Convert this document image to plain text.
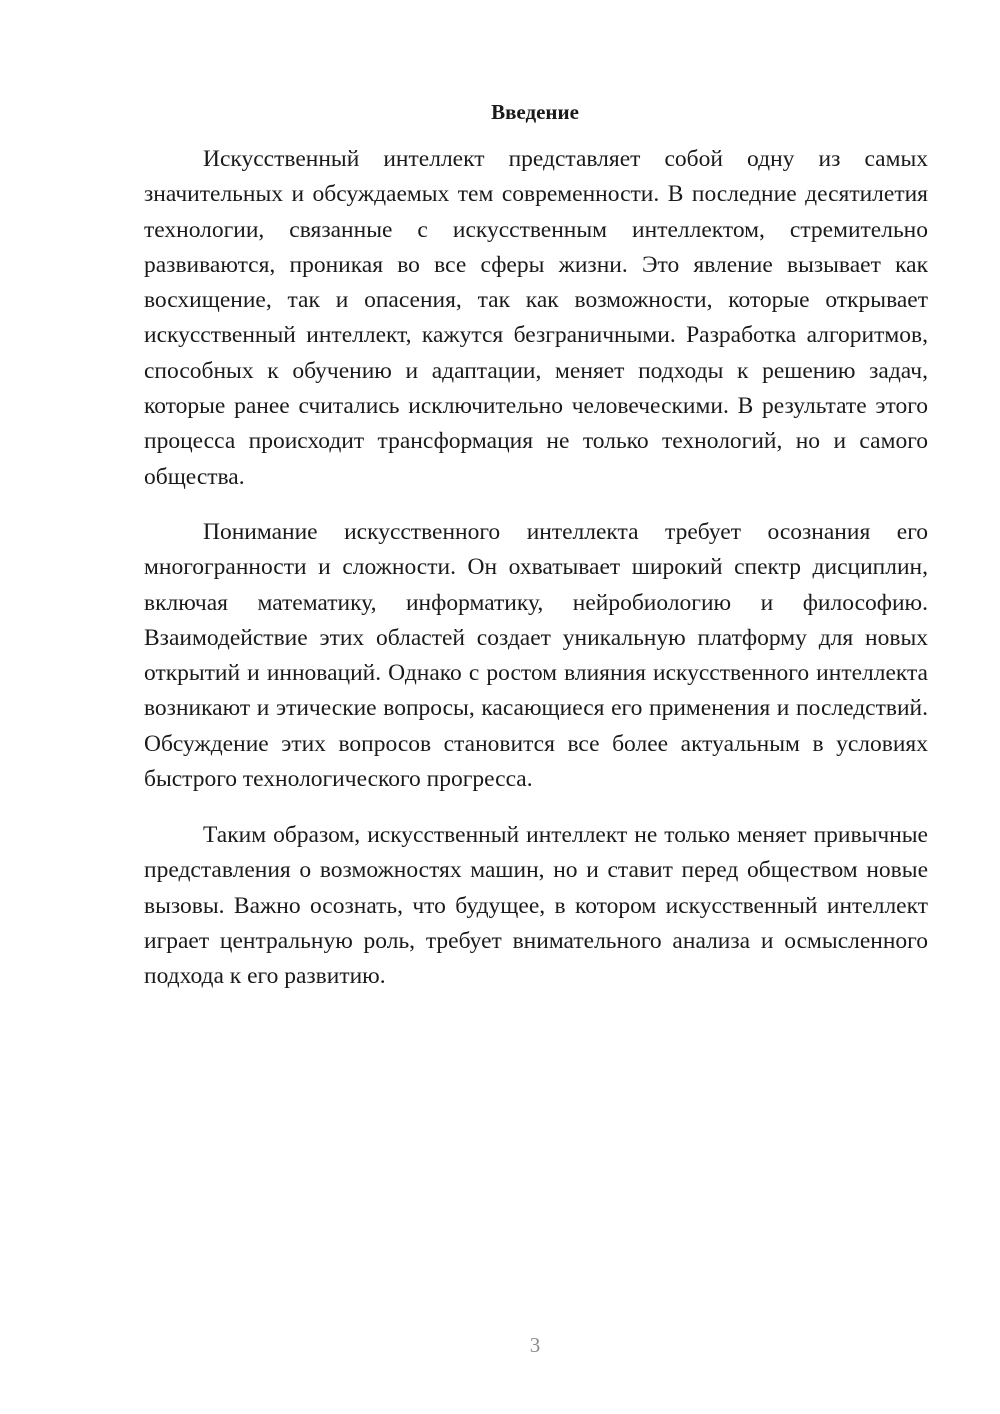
Введение

Искусственный интеллект представляет собой одну из самых значительных и обсуждаемых тем современности. В последние десятилетия технологии, связанные с искусственным интеллектом, стремительно развиваются, проникая во все сферы жизни. Это явление вызывает как восхищение, так и опасения, так как возможности, которые открывает искусственный интеллект, кажутся безграничными. Разработка алгоритмов, способных к обучению и адаптации, меняет подходы к решению задач, которые ранее считались исключительно человеческими. В результате этого процесса происходит трансформация не только технологий, но и самого общества.

Понимание искусственного интеллекта требует осознания его многогранности и сложности. Он охватывает широкий спектр дисциплин, включая математику, информатику, нейробиологию и философию. Взаимодействие этих областей создает уникальную платформу для новых открытий и инноваций. Однако с ростом влияния искусственного интеллекта возникают и этические вопросы, касающиеся его применения и последствий. Обсуждение этих вопросов становится все более актуальным в условиях быстрого технологического прогресса.

Таким образом, искусственный интеллект не только меняет привычные представления о возможностях машин, но и ставит перед обществом новые вызовы. Важно осознать, что будущее, в котором искусственный интеллект играет центральную роль, требует внимательного анализа и осмысленного подхода к его развитию.

3
